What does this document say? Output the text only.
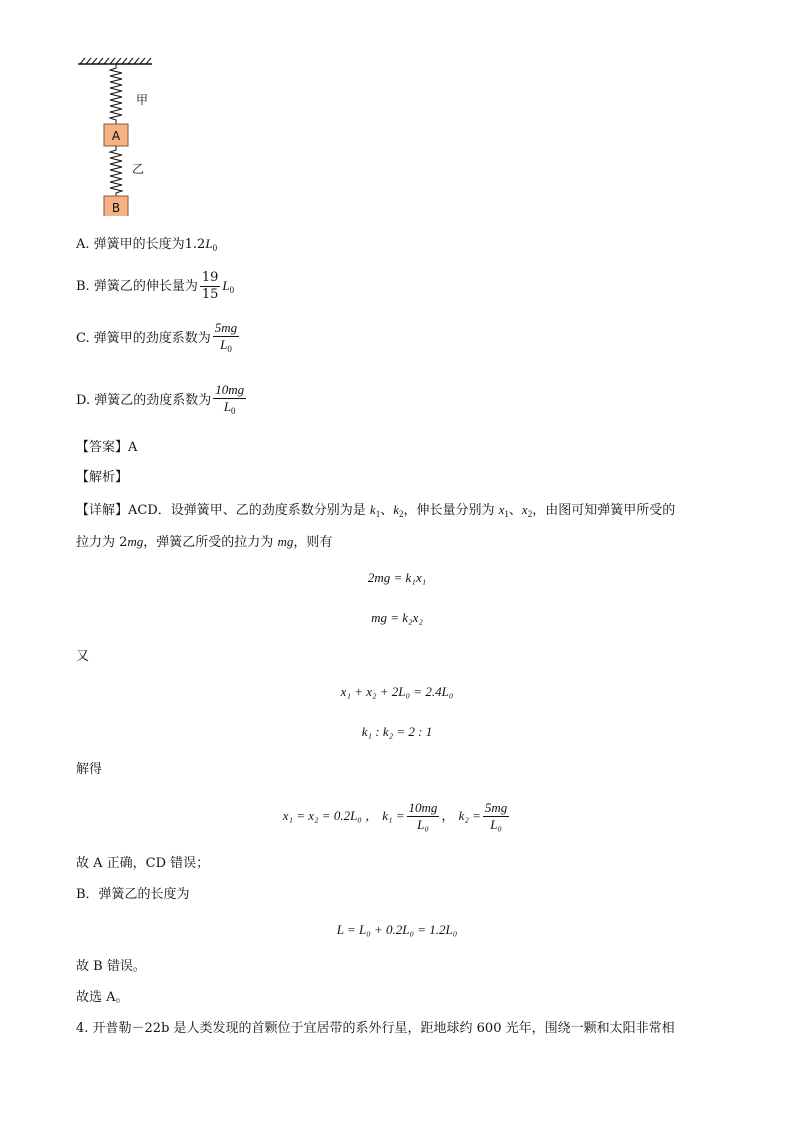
甲
A
乙
B
A. 弹簧甲的长度为$1.2L_0$
B. 弹簧乙的伸长量为 $\frac{19}{15} L_0$
C. 弹簧甲的劲度系数为 $\frac{5mg}{L_0}$
D. 弹簧乙的劲度系数为 $\frac{10mg}{L_0}$
【答案】A
【解析】
【详解】ACD．设弹簧甲、乙的劲度系数分别为是 $k_1$、$k_2$，伸长量分别为 $x_1$、$x_2$，由图可知弹簧甲所受的
拉力为 2mg，弹簧乙所受的拉力为 mg，则有
2mg = k₁x₁
mg = k₂x₂
又
x₁ + x₂ + 2L₀ = 2.4L₀
k₁ : k₂ = 2 : 1
解得
x₁ = x₂ = 0.2L₀ ， $k_1 = \frac{10mg}{\text{L₀}}$ ， $k_2 = \frac{5mg}{\text{L₀}}$
故 A 正确，CD 错误；
B．弹簧乙的长度为
L = L₀ + 0.2L₀ = 1.2L₀
故 B 错误。
故选 A。
4. 开普勒－22b 是人类发现的首颗位于宜居带的系外行星，距地球约 600 光年，围绕一颗和太阳非常相
